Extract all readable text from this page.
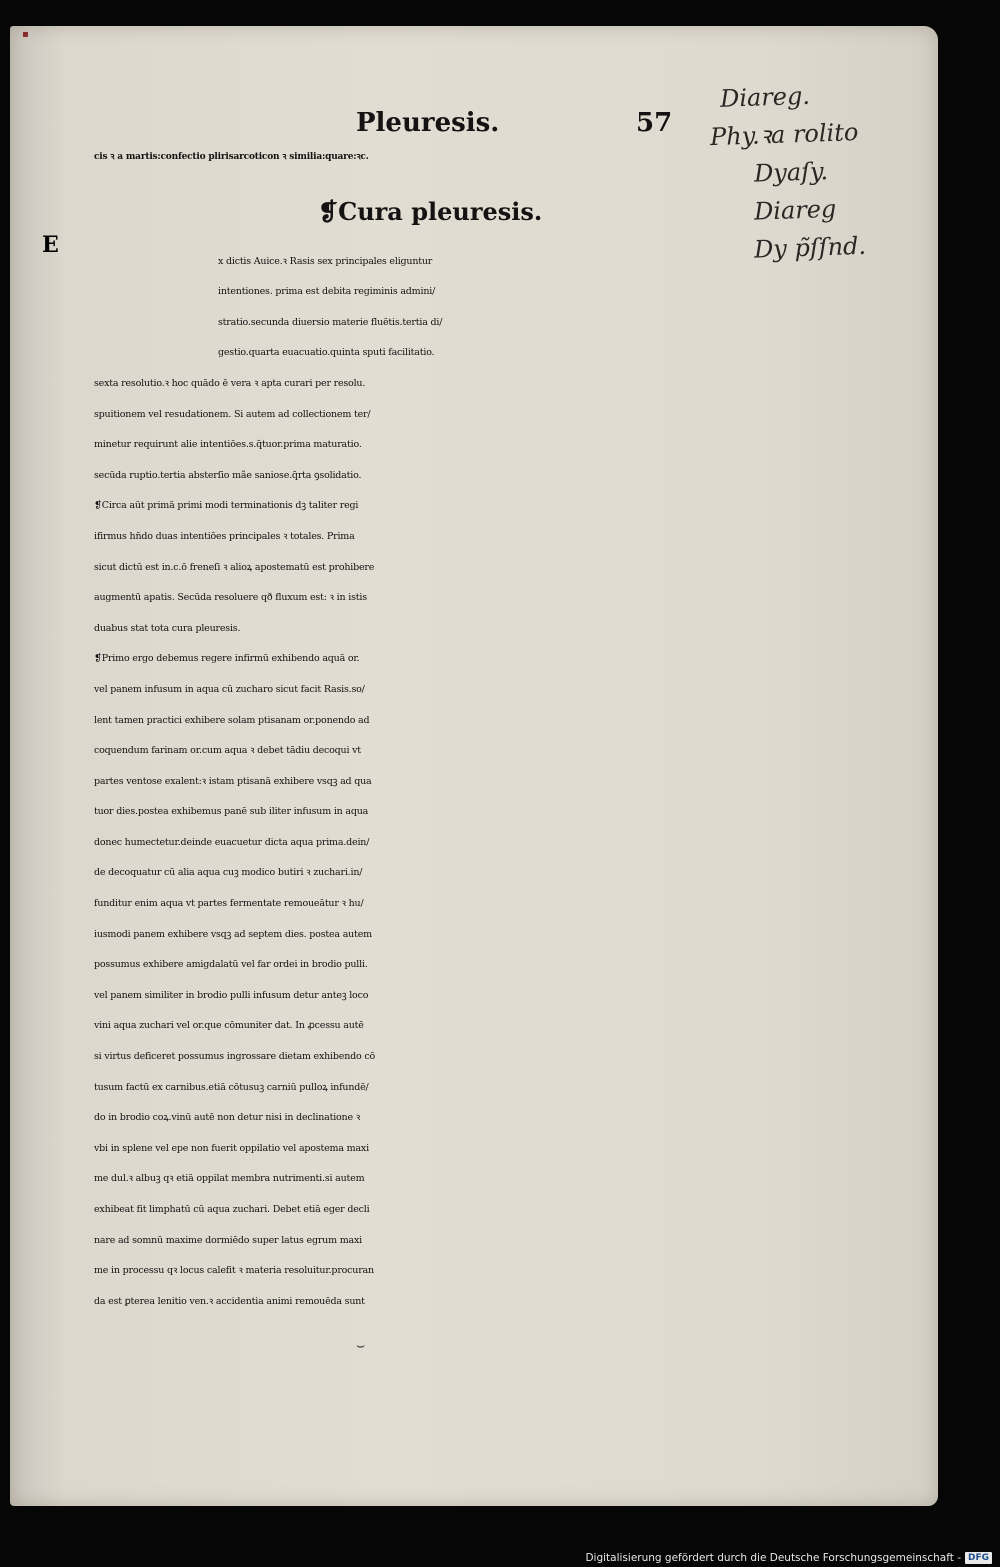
▪
Pleuresis.	57
cis ꝛ a martis:confectio plirisarcoticon ꝛ similia:quare:ꝛc.
❡Cura pleuresis.
x dictis Auice.ꝛ Rasis sex principales eliguntur
intentiones. prima est debita regiminis admini/
stratio.secunda diuersio materie fluētis.tertia di/
gestio.quarta euacuatio.quinta sputi facilitatio.
sexta resolutio.ꝛ hoc quādo ē vera ꝛ apta curari per resolu.
spuitionem vel resudationem. Si autem ad collectionem ter/
minetur requirunt alie intentiōes.s.q̄tuor.prima maturatio.
secūda ruptio.tertia absterſio mãe saniose.q̄rta ꝯsolidatio.
❡Circa aūt primā primi modi terminationis dꝫ taliter regi
ifirmus hn̄do duas intentiōes principales ꝛ totales. Prima
sicut dictū est in.c.ō freneſi ꝛ alioꝝ apostematū est prohibere
augmentū apatis. Secūda resoluere qð fluxum est: ꝛ in istis
duabus stat tota cura pleuresis.
❡Primo ergo debemus regere infirmū exhibendo aquā or.
vel panem infusum in aqua cū zucharo sicut facit Rasis.so/
lent tamen practici exhibere solam ptisanam or.ponendo ad
coquendum farinam or.cum aqua ꝛ debet tādiu decoqui vt
partes ventose exalent:ꝛ istam ptisanā exhibere vsqꝫ ad qua
tuor dies.postea exhibemus panē sub iliter infusum in aqua
donec humectetur.deinde euacuetur dicta aqua prima.dein/
de decoquatur cū alia aqua cuꝫ modico butiri ꝛ zuchari.in/
funditur enim aqua vt partes fermentate remoueātur ꝛ hu/
iusmodi panem exhibere vsqꝫ ad septem dies. postea autem
possumus exhibere amigdalatū vel far ordei in brodio pulli.
vel panem similiter in brodio pulli infusum detur anteꝫ loco
vini aqua zuchari vel or.que cōmuniter dat. In ꝓcessu autē
si virtus deficeret possumus ingrossare dietam exhibendo cō
tusum factū ex carnibus.etiā cōtusuꝫ carniū pulloꝝ infundē/
do in brodio coꝝ.vinū autē non detur nisi in declinatione ꝛ
vbi in splene vel epe non fuerit oppilatio vel apostema maxi
me dul.ꝛ albuꝫ qꝛ etiā oppilat membra nutrimenti.si autem
exhibeat fit limphatū cū aqua zuchari. Debet etiā eger decli
nare ad somnū maxime dormiēdo super latus egrum maxi
me in processu qꝛ locus calefit ꝛ materia resoluitur.procuran
da est ꝑterea lenitio ven.ꝛ accidentia animi remouēda sunt
E
Diareg.
Phy.ꝛa rolito
Dyaſy.
Diareg
Dy p̃ſſnd.
⌣
Digitalisierung gefördert durch die Deutsche Forschungsgemeinschaft - DFG
